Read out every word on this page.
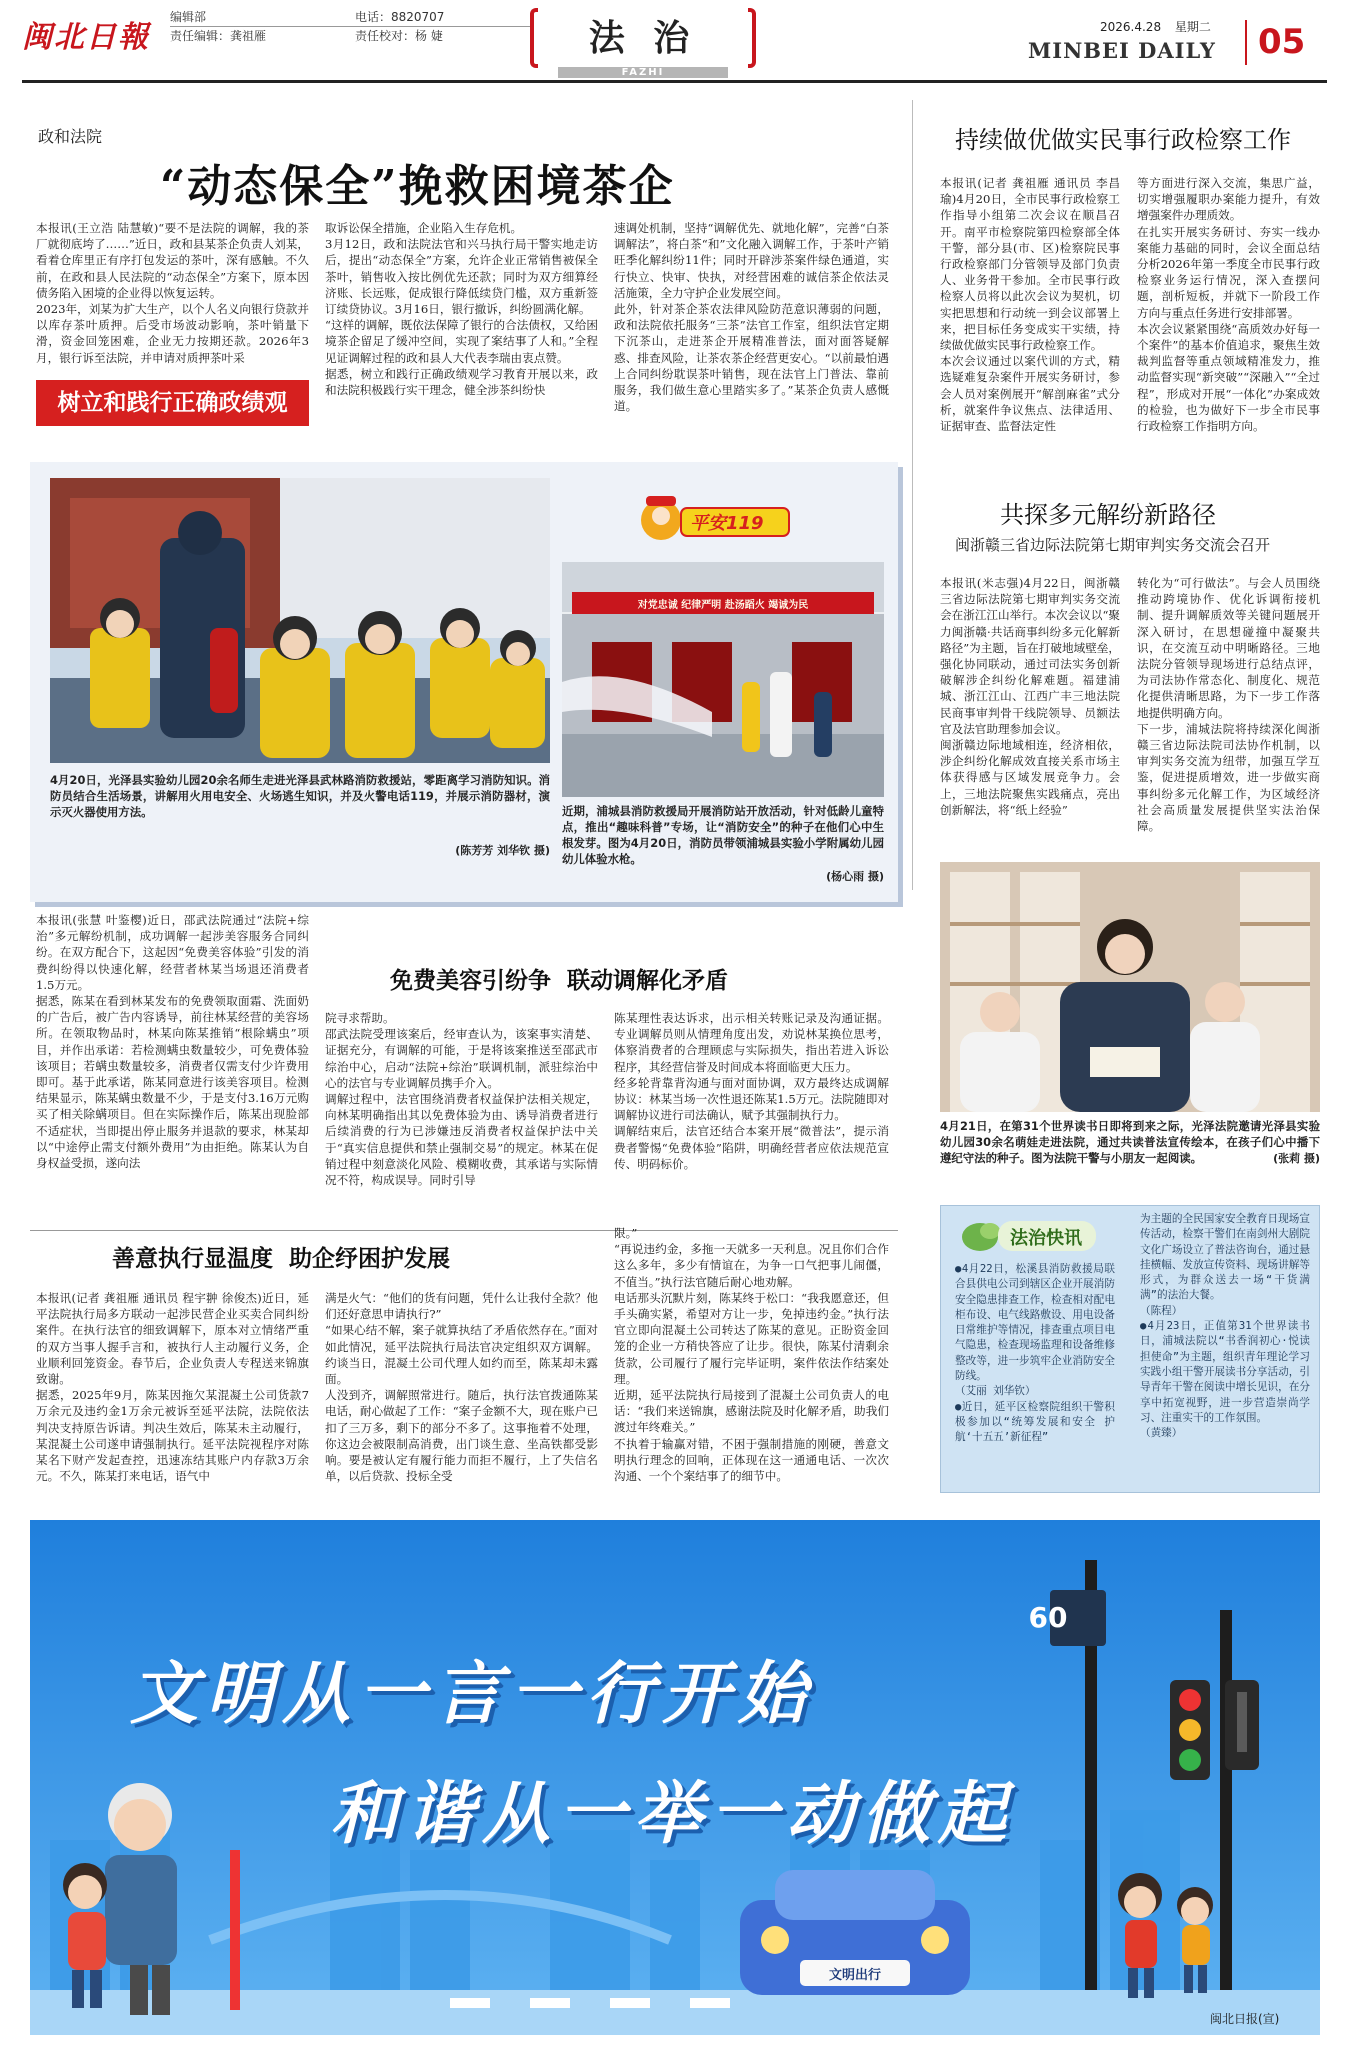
闽北日報
编辑部
责任编辑：龚祖雁
电话：8820707
责任校对：杨 婕	法 治
FAZHI
2026.4.28 星期二
MINBEI DAILY 05
政和法院
“动态保全”挽救困境茶企
本报讯(王立浩 陆慧敏)“要不是法院的调解，我的茶厂就彻底垮了……”近日，政和县某茶企负责人刘某，看着仓库里正有序打包发运的茶叶，深有感触。不久前，在政和县人民法院的“动态保全”方案下，原本因债务陷入困境的企业得以恢复运转。
2023年，刘某为扩大生产，以个人名义向银行贷款并以库存茶叶质押。后受市场波动影响，茶叶销量下滑，资金回笼困难，企业无力按期还款。2026年3月，银行诉至法院，并申请对质押茶叶采
树立和践行正确政绩观
取诉讼保全措施，企业陷入生存危机。
3月12日，政和法院法官和兴马执行局干警实地走访后，提出“动态保全”方案，允许企业正常销售被保全茶叶，销售收入按比例优先还款；同时为双方细算经济账、长远账，促成银行降低续贷门槛，双方重新签订续贷协议。3月16日，银行撤诉，纠纷圆满化解。
“这样的调解，既依法保障了银行的合法债权，又给困境茶企留足了缓冲空间，实现了案结事了人和。”全程见证调解过程的政和县人大代表李瑞由衷点赞。
据悉，树立和践行正确政绩观学习教育开展以来，政和法院积极践行实干理念，健全涉茶纠纷快
速调处机制，坚持“调解优先、就地化解”，完善“白茶调解法”，将白茶“和”文化融入调解工作，于茶叶产销旺季化解纠纷11件；同时开辟涉茶案件绿色通道，实行快立、快审、快执，对经营困难的诚信茶企依法灵活施策，全力守护企业发展空间。
此外，针对茶企茶农法律风险防范意识薄弱的问题，政和法院依托服务“三茶”法官工作室，组织法官定期下沉茶山，走进茶企开展精准普法，面对面答疑解惑、排查风险，让茶农茶企经营更安心。“以前最怕遇上合同纠纷耽误茶叶销售，现在法官上门普法、靠前服务，我们做生意心里踏实多了。”某茶企负责人感慨道。
持续做优做实民事行政检察工作
本报讯(记者 龚祖雁 通讯员 李昌瑜)4月20日，全市民事行政检察工作指导小组第二次会议在顺昌召开。南平市检察院第四检察部全体干警，部分县(市、区)检察院民事行政检察部门分管领导及部门负责人、业务骨干参加。全市民事行政检察人员将以此次会议为契机，切实把思想和行动统一到会议部署上来，把目标任务变成实干实绩，持续做优做实民事行政检察工作。
本次会议通过以案代训的方式，精选疑难复杂案件开展实务研讨，参会人员对案例展开“解剖麻雀”式分析，就案件争议焦点、法律适用、证据审查、监督法定性
等方面进行深入交流，集思广益，切实增强履职办案能力提升，有效增强案件办理质效。
在扎实开展实务研讨、夯实一线办案能力基础的同时，会议全面总结分析2026年第一季度全市民事行政检察业务运行情况，深入查摆问题，剖析短板，并就下一阶段工作方向与重点任务进行安排部署。
本次会议紧紧围绕“高质效办好每一个案件”的基本价值追求，聚焦生效裁判监督等重点领域精准发力，推动监督实现“新突破”“深融入”“全过程”，形成对开展“一体化”办案成效的检验，也为做好下一步全市民事行政检察工作指明方向。
共探多元解纷新路径
闽浙赣三省边际法院第七期审判实务交流会召开
本报讯(米志强)4月22日，闽浙赣三省边际法院第七期审判实务交流会在浙江江山举行。本次会议以“聚力闽浙赣·共话商事纠纷多元化解新路径”为主题，旨在打破地域壁垒，强化协同联动，通过司法实务创新破解涉企纠纷化解难题。福建浦城、浙江江山、江西广丰三地法院民商事审判骨干线院领导、员额法官及法官助理参加会议。
闽浙赣边际地域相连，经济相依，涉企纠纷化解成效直接关系市场主体获得感与区域发展竞争力。会上，三地法院聚焦实践痛点，亮出创新解法，将“纸上经验”
转化为“可行做法”。与会人员围绕推动跨境协作、优化诉调衔接机制、提升调解质效等关键问题展开深入研讨，在思想碰撞中凝聚共识，在交流互动中明晰路径。三地法院分管领导现场进行总结点评，为司法协作常态化、制度化、规范化提供清晰思路，为下一步工作落地提供明确方向。
下一步，浦城法院将持续深化闽浙赣三省边际法院司法协作机制，以审判实务交流为纽带，加强互学互鉴，促进提质增效，进一步做实商事纠纷多元化解工作，为区域经济社会高质量发展提供坚实法治保障。
4月20日，光泽县实验幼儿园20余名师生走进光泽县武林路消防救援站，零距离学习消防知识。消防员结合生活场景，讲解用火用电安全、火场逃生知识，并及火警电话119，并展示消防器材，演示灭火器使用方法。
(陈芳芳 刘华钦 摄)
平安119
对党忠诚 纪律严明 赴汤蹈火 竭诚为民
近期，浦城县消防救援局开展消防站开放活动，针对低龄儿童特点，推出“趣味科普”专场，让“消防安全”的种子在他们心中生根发芽。图为4月20日，消防员带领浦城县实验小学附属幼儿园幼儿体验水枪。
(杨心雨 摄)
4月21日，在第31个世界读书日即将到来之际，光泽法院邀请光泽县实验幼儿园30余名萌娃走进法院，通过共读普法宣传绘本，在孩子们心中播下遵纪守法的种子。图为法院干警与小朋友一起阅读。	(张莉 摄)
免费美容引纷争  联动调解化矛盾
本报讯(张慧 叶鉴樱)近日，邵武法院通过“法院+综治”多元解纷机制，成功调解一起涉美容服务合同纠纷。在双方配合下，这起因“免费美容体验”引发的消费纠纷得以快速化解，经营者林某当场退还消费者1.5万元。
据悉，陈某在看到林某发布的免费领取面霜、洗面奶的广告后，被广告内容诱导，前往林某经营的美容场所。在领取物品时，林某向陈某推销“根除螨虫”项目，并作出承诺：若检测螨虫数量较少，可免费体验该项目；若螨虫数量较多，消费者仅需支付少许费用即可。基于此承诺，陈某同意进行该美容项目。检测结果显示，陈某螨虫数量不少，于是支付3.16万元购买了相关除螨项目。但在实际操作后，陈某出现脸部不适症状，当即提出停止服务并退款的要求，林某却以“中途停止需支付额外费用”为由拒绝。陈某认为自身权益受损，遂向法
院寻求帮助。
邵武法院受理该案后，经审查认为，该案事实清楚、证据充分，有调解的可能，于是将该案推送至邵武市综治中心，启动“法院+综治”联调机制，派驻综治中心的法官与专业调解员携手介入。
调解过程中，法官围绕消费者权益保护法相关规定，向林某明确指出其以免费体验为由、诱导消费者进行后续消费的行为已涉嫌违反消费者权益保护法中关于“真实信息提供和禁止强制交易”的规定。林某在促销过程中刻意淡化风险、模糊收费，其承诺与实际情况不符，构成误导。同时引导
陈某理性表达诉求，出示相关转账记录及沟通证据。专业调解员则从情理角度出发，劝说林某换位思考，体察消费者的合理顾虑与实际损失，指出若进入诉讼程序，其经营信誉及时间成本将面临更大压力。
经多轮背靠背沟通与面对面协调，双方最终达成调解协议：林某当场一次性退还陈某1.5万元。法院随即对调解协议进行司法确认，赋予其强制执行力。
调解结束后，法官还结合本案开展“微普法”，提示消费者警惕“免费体验”陷阱，明确经营者应依法规范宣传、明码标价。
善意执行显温度  助企纾困护发展
本报讯(记者 龚祖雁 通讯员 程宇翀 徐俊杰)近日，延平法院执行局多方联动一起涉民营企业买卖合同纠纷案件。在执行法官的细致调解下，原本对立情绪严重的双方当事人握手言和，被执行人主动履行义务，企业顺利回笼资金。春节后，企业负责人专程送来锦旗致谢。
据悉，2025年9月，陈某因拖欠某混凝土公司货款7万余元及违约金1万余元被诉至延平法院，法院依法判决支持原告诉请。判决生效后，陈某未主动履行，某混凝土公司遂申请强制执行。延平法院视程序对陈某名下财产发起查控，迅速冻结其账户内存款3万余元。不久，陈某打来电话，语气中
满是火气：“他们的货有问题，凭什么让我付全款？他们还好意思申请执行?”
“如果心结不解，案子就算执结了矛盾依然存在。”面对如此情况，延平法院执行局法官决定组织双方调解。约谈当日，混凝土公司代理人如约而至，陈某却未露面。
人没到齐，调解照常进行。随后，执行法官拨通陈某电话，耐心做起了工作：“案子金额不大，现在账户已扣了三万多，剩下的部分不多了。这事拖着不处理，你这边会被限制高消费，出门谈生意、坐高铁都受影响。要是被认定有履行能力而拒不履行，上了失信名单，以后贷款、投标全受
限。”
“再说违约金，多拖一天就多一天利息。况且你们合作这么多年，多少有情谊在，为争一口气把事儿闹僵，不值当。”执行法官随后耐心地劝解。
电话那头沉默片刻，陈某终于松口：“我我愿意还，但手头确实紧，希望对方让一步，免掉违约金。”执行法官立即向混凝土公司转达了陈某的意见。正盼资金回笼的企业一方稍快答应了让步。很快，陈某付清剩余货款，公司履行了履行完毕证明，案件依法作结案处理。
近期，延平法院执行局接到了混凝土公司负责人的电话：“我们来送锦旗，感谢法院及时化解矛盾，助我们渡过年终难关。”
不执着于输赢对错，不困于强制措施的刚硬，善意文明执行理念的回响，正体现在这一通通电话、一次次沟通、一个个案结事了的细节中。
法治快讯
●4月22日，松溪县消防救援局联合县供电公司到辖区企业开展消防安全隐患排查工作，检查相对配电柜布设、电气线路敷设、用电设备日常维护等情况，排查重点项目电气隐患，检查现场监理和设备维修整改等，进一步筑牢企业消防安全防线。
（艾丽 刘华钦）
●近日，延平区检察院组织干警积极参加以“统筹发展和安全 护航‘十五五’新征程”
为主题的全民国家安全教育日现场宣传活动，检察干警们在南剑州大剧院文化广场设立了普法咨询台，通过悬挂横幅、发放宣传资料、现场讲解等形式，为群众送去一场“干货满满”的法治大餐。
（陈程）
●4月23日，正值第31个世界读书日，浦城法院以“书香润初心·悦读担使命”为主题，组织青年理论学习实践小组干警开展读书分享活动，引导青年干警在阅读中增长见识，在分享中拓宽视野，进一步营造崇尚学习、注重实干的工作氛围。
（黄臻）
60
文明从一言一行开始
和谐从一举一动做起
文明出行
闽北日报(宣)
